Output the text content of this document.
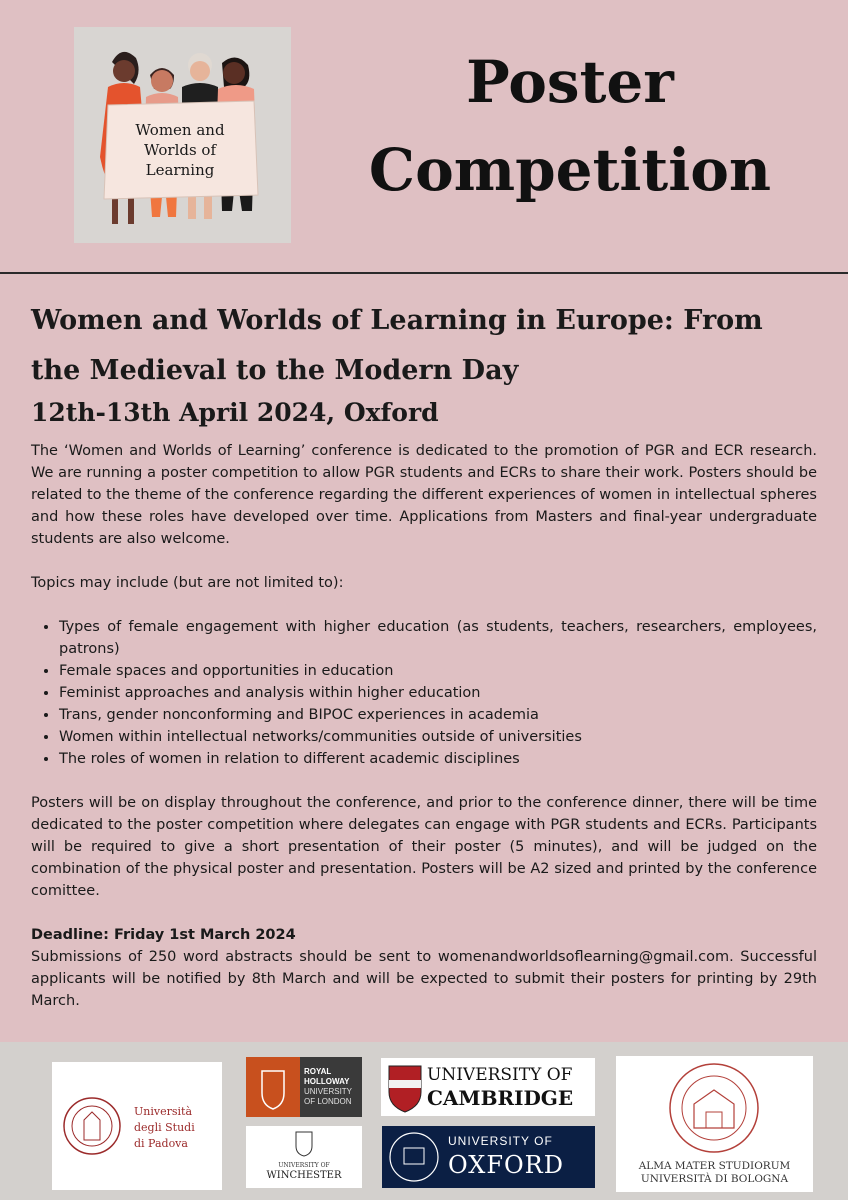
Women and
Worlds of
Learning
Poster
Competition
Women and Worlds of Learning in Europe: From the Medieval to the Modern Day
12th-13th April 2024, Oxford

The ‘Women and Worlds of Learning’ conference is dedicated to the promotion of PGR and ECR research. We are running a poster competition to allow PGR students and ECRs to share their work. Posters should be related to the theme of the conference regarding the different experiences of women in intellectual spheres and how these roles have developed over time. Applications from Masters and final-year undergraduate students are also welcome.

Topics may include (but are not limited to):

• Types of female engagement with higher education (as students, teachers, researchers, employees, patrons)
• Female spaces and opportunities in education
• Feminist approaches and analysis within higher education
• Trans, gender nonconforming and BIPOC experiences in academia
• Women within intellectual networks/communities outside of universities
• The roles of women in relation to different academic disciplines

Posters will be on display throughout the conference, and prior to the conference dinner, there will be time dedicated to the poster competition where delegates can engage with PGR students and ECRs. Participants will be required to give a short presentation of their poster (5 minutes), and will be judged on the combination of the physical poster and presentation. Posters will be A2 sized and printed by the conference comittee.

Deadline: Friday 1st March 2024

Submissions of 250 word abstracts should be sent to womenandworldsoflearning@gmail.com. Successful applicants will be notified by 8th March and will be expected to submit their posters for printing by 29th March.

Università
degli Studi
di Padova
ROYAL
HOLLOWAY
UNIVERSITY
OF LONDON
UNIVERSITY OF
WINCHESTER
UNIVERSITY OF
CAMBRIDGE
UNIVERSITY OF
OXFORD	ALMA MATER STUDIORUM
UNIVERSITÀ DI BOLOGNA
